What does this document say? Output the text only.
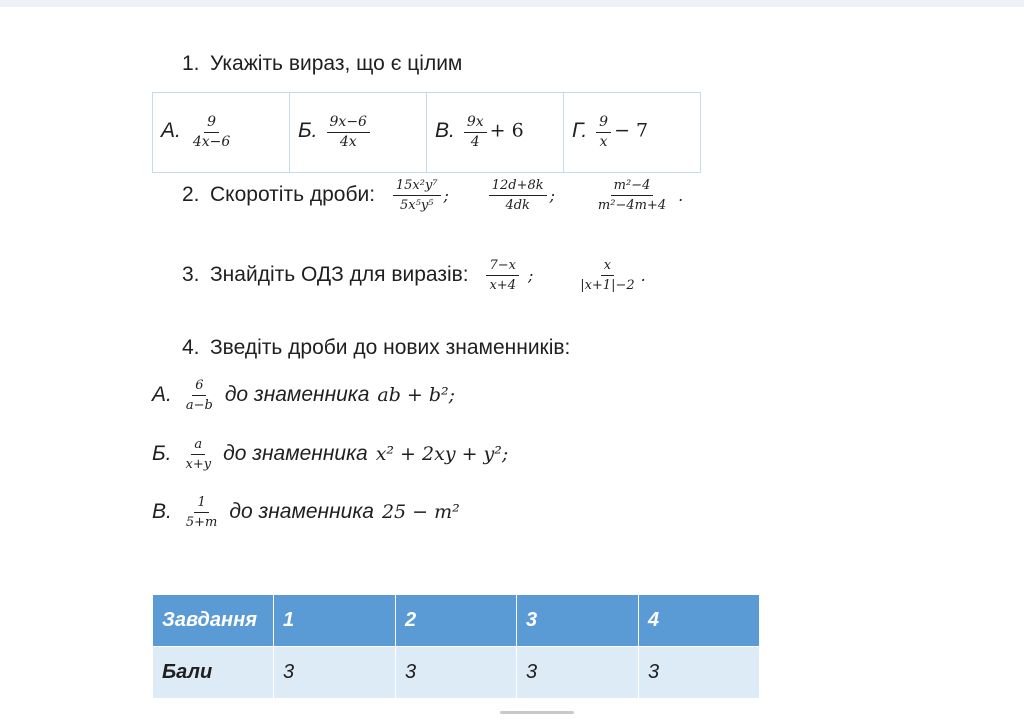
1. Укажіть вираз, що є цілим
А. $\frac{9}{4x-6}$	Б. $\frac{9x-6}{4x}$	В. $\frac{9x}{4} + 6$	Г. $\frac{9}{x} - 7$
2. Скоротіть дроби: $\frac{\text{15x²y⁷}}{\text{5x⁵y⁵}}$ ;	$\frac{12d+8k}{4dk}$ ;	$\frac{\text{m²−4}}{\text{m²−4m+4}}$ .
3. Знайдіть ОДЗ для виразів: $\frac{7-x}{x+4}$ ;	$\frac{x}{|x+1|-2}$ .
4. Зведіть дроби до нових знаменників:
А. $\frac{6}{a-b}$ до знаменника ab + b²;
Б. $\frac{a}{x+y}$ до знаменника x² + 2xy + y²;
В. $\frac{1}{5+m}$ до знаменника 25 − m²
Завдання	1	2	3	4
Бали	3	3	3	3
